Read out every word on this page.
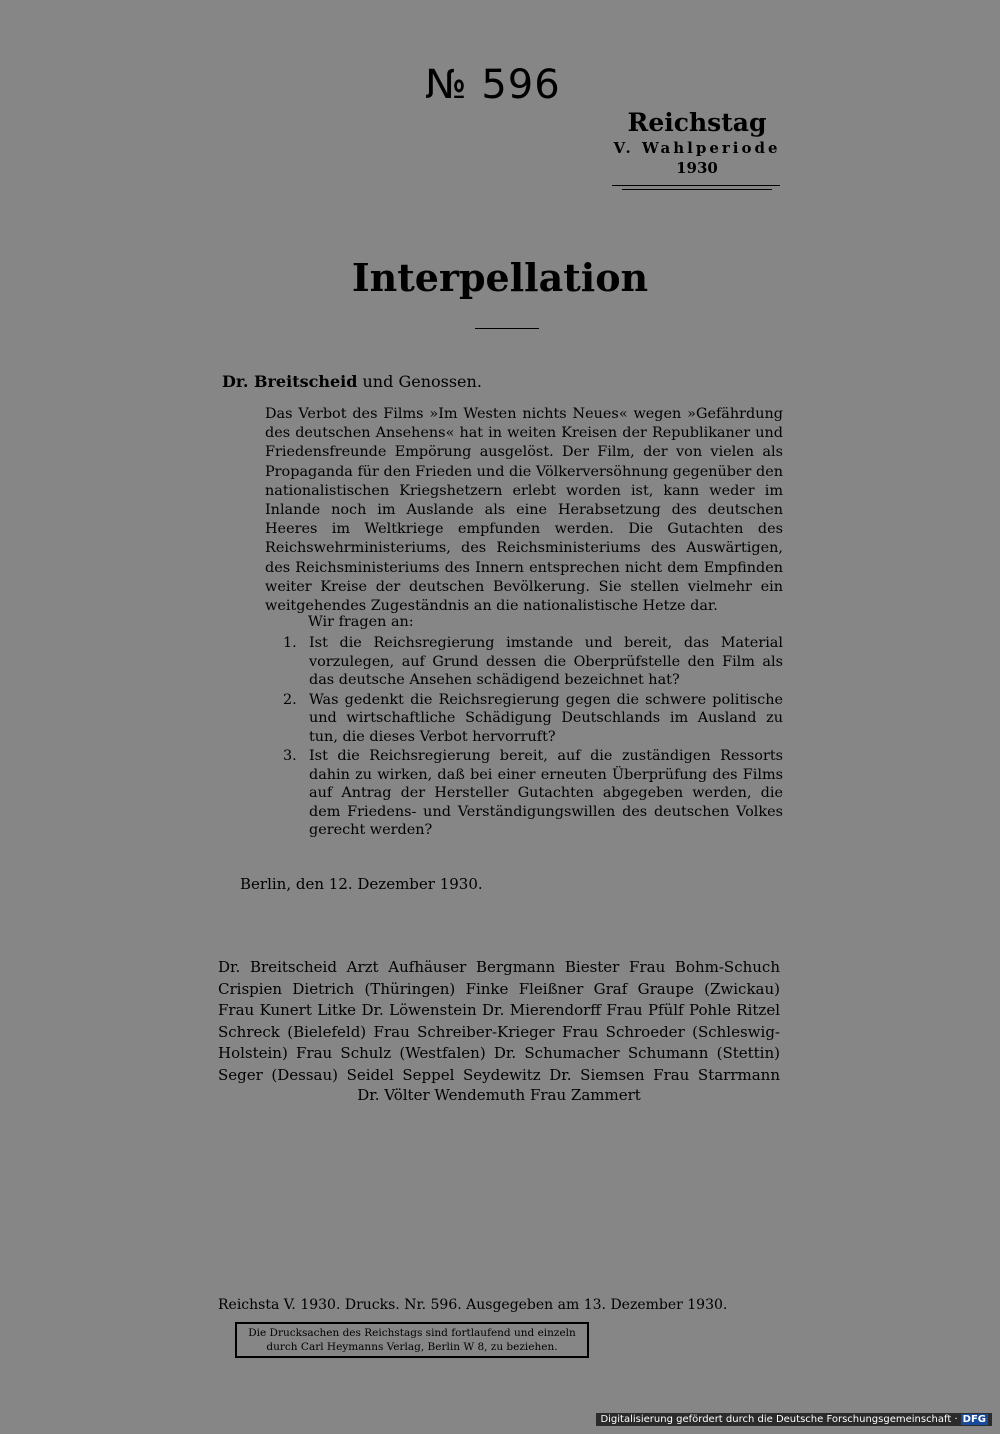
№ 596
Reichstag
V. Wahlperiode
1930
Interpellation
Dr. Breitscheid und Genossen.

Das Verbot des Films »Im Westen nichts Neues« wegen »Gefährdung des deutschen Ansehens« hat in weiten Kreisen der Republikaner und Friedensfreunde Empörung ausgelöst. Der Film, der von vielen als Propaganda für den Frieden und die Völkerversöhnung gegenüber den nationalistischen Kriegshetzern erlebt worden ist, kann weder im Inlande noch im Auslande als eine Herabsetzung des deutschen Heeres im Weltkriege empfunden werden. Die Gutachten des Reichswehrministeriums, des Reichsministeriums des Auswärtigen, des Reichsministeriums des Innern entsprechen nicht dem Empfinden weiter Kreise der deutschen Bevölkerung. Sie stellen vielmehr ein weitgehendes Zugeständnis an die nationalistische Hetze dar.

Wir fragen an:
1. Ist die Reichsregierung imstande und bereit, das Material vorzulegen, auf Grund dessen die Oberprüfstelle den Film als das deutsche Ansehen schädigend bezeichnet hat?
2. Was gedenkt die Reichsregierung gegen die schwere politische und wirtschaftliche Schädigung Deutschlands im Ausland zu tun, die dieses Verbot hervorruft?
3. Ist die Reichsregierung bereit, auf die zuständigen Ressorts dahin zu wirken, daß bei einer erneuten Überprüfung des Films auf Antrag der Hersteller Gutachten abgegeben werden, die dem Friedens- und Verständigungswillen des deutschen Volkes gerecht werden?
Berlin, den 12. Dezember 1930.

Dr. Breitscheid Arzt Aufhäuser Bergmann Biester Frau Bohm-Schuch Crispien Dietrich (Thüringen) Finke Fleißner Graf Graupe (Zwickau) Frau Kunert Litke Dr. Löwenstein Dr. Mierendorff Frau Pfülf Pohle Ritzel Schreck (Bielefeld) Frau Schreiber-Krieger Frau Schroeder (Schleswig-Holstein) Frau Schulz (Westfalen) Dr. Schumacher Schumann (Stettin) Seger (Dessau) Seidel Seppel Seydewitz Dr. Siemsen Frau Starrmann

Dr. Völter Wendemuth Frau Zammert
Reichsta V. 1930. Drucks. Nr. 596. Ausgegeben am 13. Dezember 1930.
Die Drucksachen des Reichstags sind fortlaufend und einzeln durch Carl Heymanns Verlag, Berlin W 8, zu beziehen.
Digitalisierung gefördert durch die Deutsche Forschungsgemeinschaft · DFG
